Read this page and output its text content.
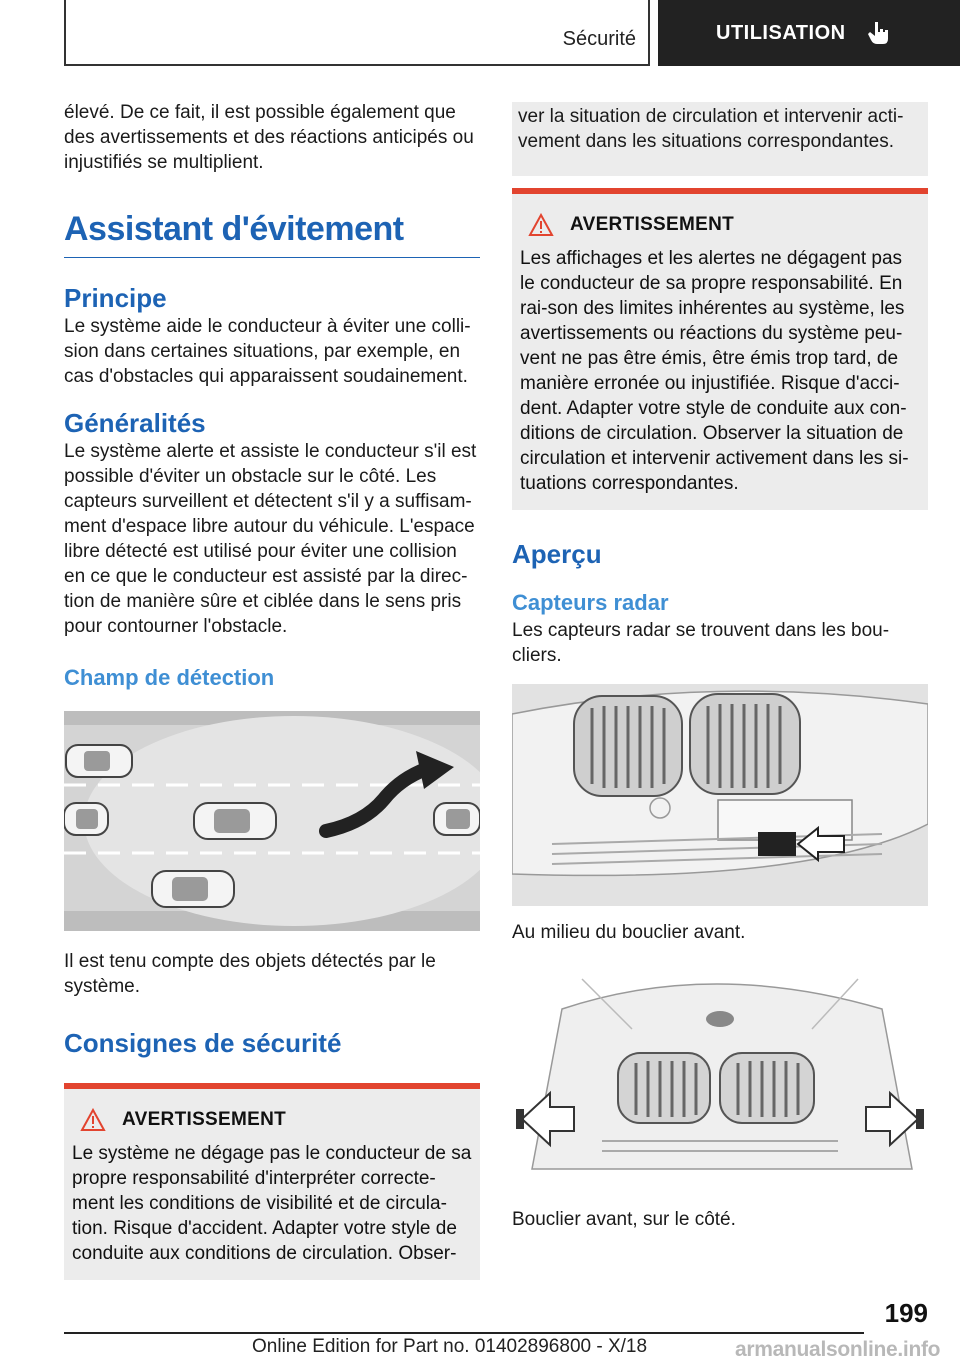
Sécurité	UTILISATION

élevé. De ce fait, il est possible également que des avertissements et des réactions anticipés ou injustifiés se multiplient.

Assistant d'évitement
Principe

Le système aide le conducteur à éviter une colli-sion dans certaines situations, par exemple, en cas d'obstacles qui apparaissent soudainement.

Généralités

Le système alerte et assiste le conducteur s'il est possible d'éviter un obstacle sur le côté. Les capteurs surveillent et détectent s'il y a suffisam-ment d'espace libre autour du véhicule. L'espace libre détecté est utilisé pour éviter une collision en ce que le conducteur est assisté par la direc-tion de manière sûre et ciblée dans le sens pris pour contourner l'obstacle.

Champ de détection

Il est tenu compte des objets détectés par le système.

Consignes de sécurité
AVERTISSEMENT

Le système ne dégage pas le conducteur de sa propre responsabilité d'interpréter correcte-ment les conditions de visibilité et de circula-tion. Risque d'accident. Adapter votre style de conduite aux conditions de circulation. Obser-

ver la situation de circulation et intervenir acti-vement dans les situations correspondantes.

AVERTISSEMENT

Les affichages et les alertes ne dégagent pas le conducteur de sa propre responsabilité. En rai-son des limites inhérentes au système, les avertissements ou réactions du système peu-vent ne pas être émis, être émis trop tard, de manière erronée ou injustifiée. Risque d'acci-dent. Adapter votre style de conduite aux con-ditions de circulation. Observer la situation de circulation et intervenir activement dans les si-tuations correspondantes.

Aperçu
Capteurs radar

Les capteurs radar se trouvent dans les bou-cliers.

Au milieu du bouclier avant.

Bouclier avant, sur le côté.

199
Online Edition for Part no. 01402896800 - X/18	armanualsonline.info
